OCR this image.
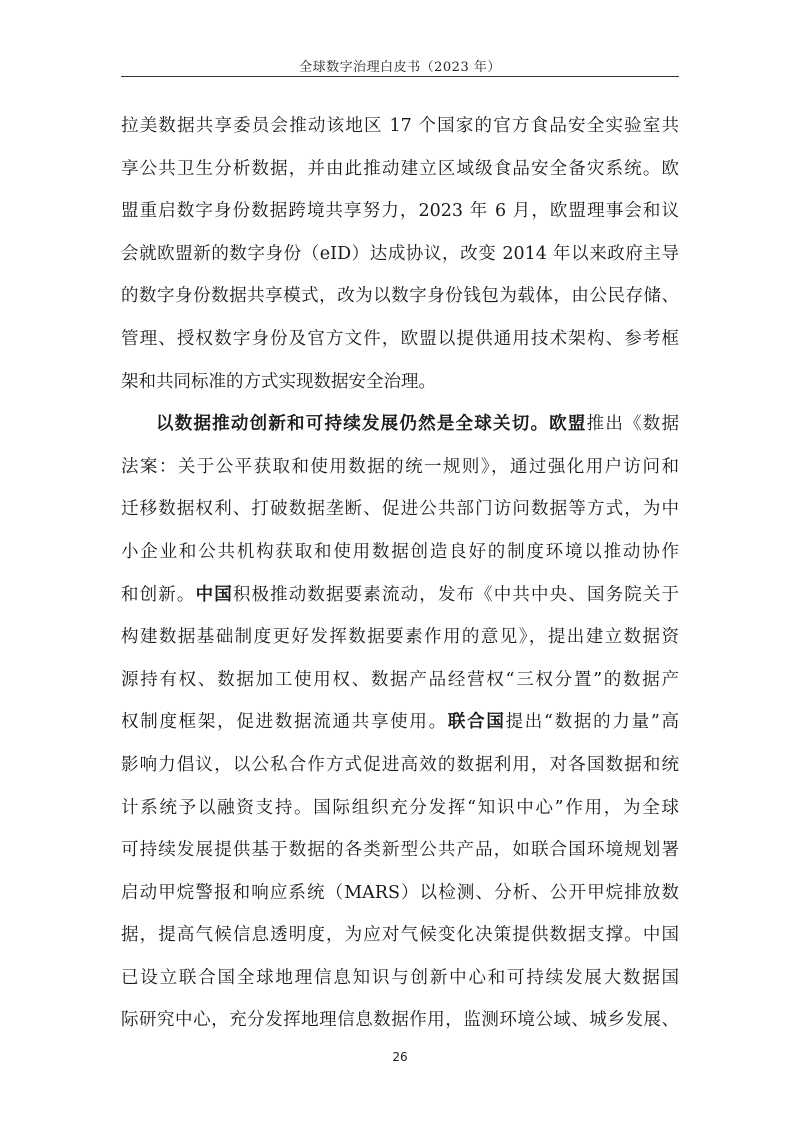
全球数字治理白皮书（2023 年）

拉美数据共享委员会推动该地区 17 个国家的官方食品安全实验室共
享公共卫生分析数据，并由此推动建立区域级食品安全备灾系统。欧
盟重启数字身份数据跨境共享努力，2023 年 6 月，欧盟理事会和议
会就欧盟新的数字身份（eID）达成协议，改变 2014 年以来政府主导
的数字身份数据共享模式，改为以数字身份钱包为载体，由公民存储、
管理、授权数字身份及官方文件，欧盟以提供通用技术架构、参考框
架和共同标准的方式实现数据安全治理。

以数据推动创新和可持续发展仍然是全球关切。欧盟推出《数据
法案：关于公平获取和使用数据的统一规则》，通过强化用户访问和
迁移数据权利、打破数据垄断、促进公共部门访问数据等方式，为中
小企业和公共机构获取和使用数据创造良好的制度环境以推动协作
和创新。中国积极推动数据要素流动，发布《中共中央、国务院关于
构建数据基础制度更好发挥数据要素作用的意见》，提出建立数据资
源持有权、数据加工使用权、数据产品经营权“三权分置”的数据产
权制度框架，促进数据流通共享使用。联合国提出“数据的力量”高
影响力倡议，以公私合作方式促进高效的数据利用，对各国数据和统
计系统予以融资支持。国际组织充分发挥“知识中心”作用，为全球
可持续发展提供基于数据的各类新型公共产品，如联合国环境规划署
启动甲烷警报和响应系统（MARS）以检测、分析、公开甲烷排放数
据，提高气候信息透明度，为应对气候变化决策提供数据支撑。中国
已设立联合国全球地理信息知识与创新中心和可持续发展大数据国
际研究中心，充分发挥地理信息数据作用，监测环境公域、城乡发展、

26
